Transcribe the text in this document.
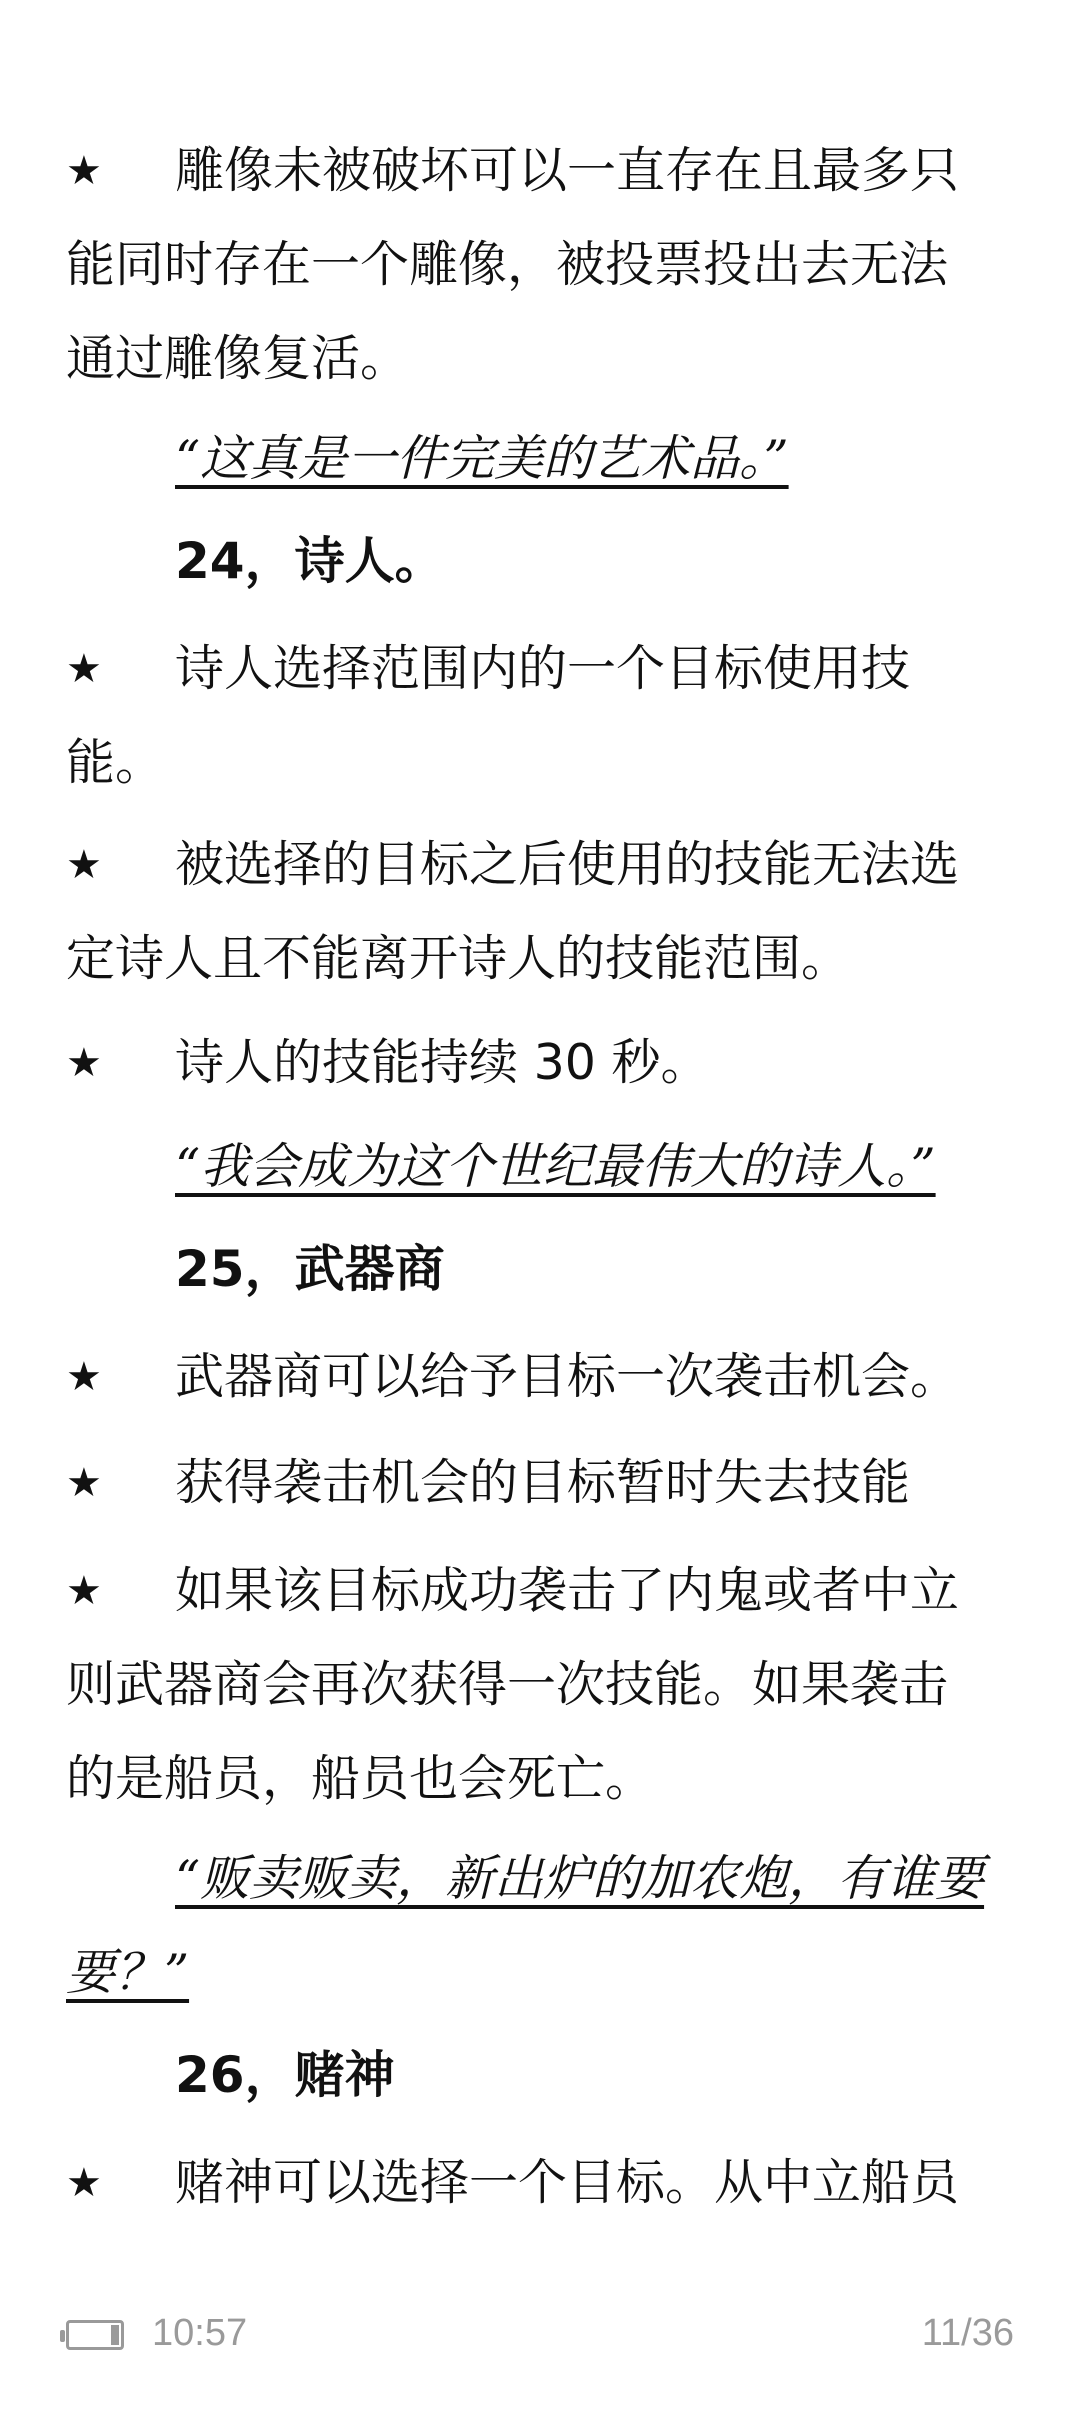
★ 雕像未被破坏可以一直存在且最多只
能同时存在一个雕像，被投票投出去无法
通过雕像复活。
“这真是一件完美的艺术品。”
24，诗人。
★ 诗人选择范围内的一个目标使用技
能。
★ 被选择的目标之后使用的技能无法选
定诗人且不能离开诗人的技能范围。
★ 诗人的技能持续 30 秒。
“我会成为这个世纪最伟大的诗人。”
25，武器商
★ 武器商可以给予目标一次袭击机会。
★ 获得袭击机会的目标暂时失去技能
★ 如果该目标成功袭击了内鬼或者中立
则武器商会再次获得一次技能。如果袭击
的是船员，船员也会死亡。
“贩卖贩卖，新出炉的加农炮，有谁要
要？”
26，赌神
★ 赌神可以选择一个目标。从中立船员
10:57	11/36
